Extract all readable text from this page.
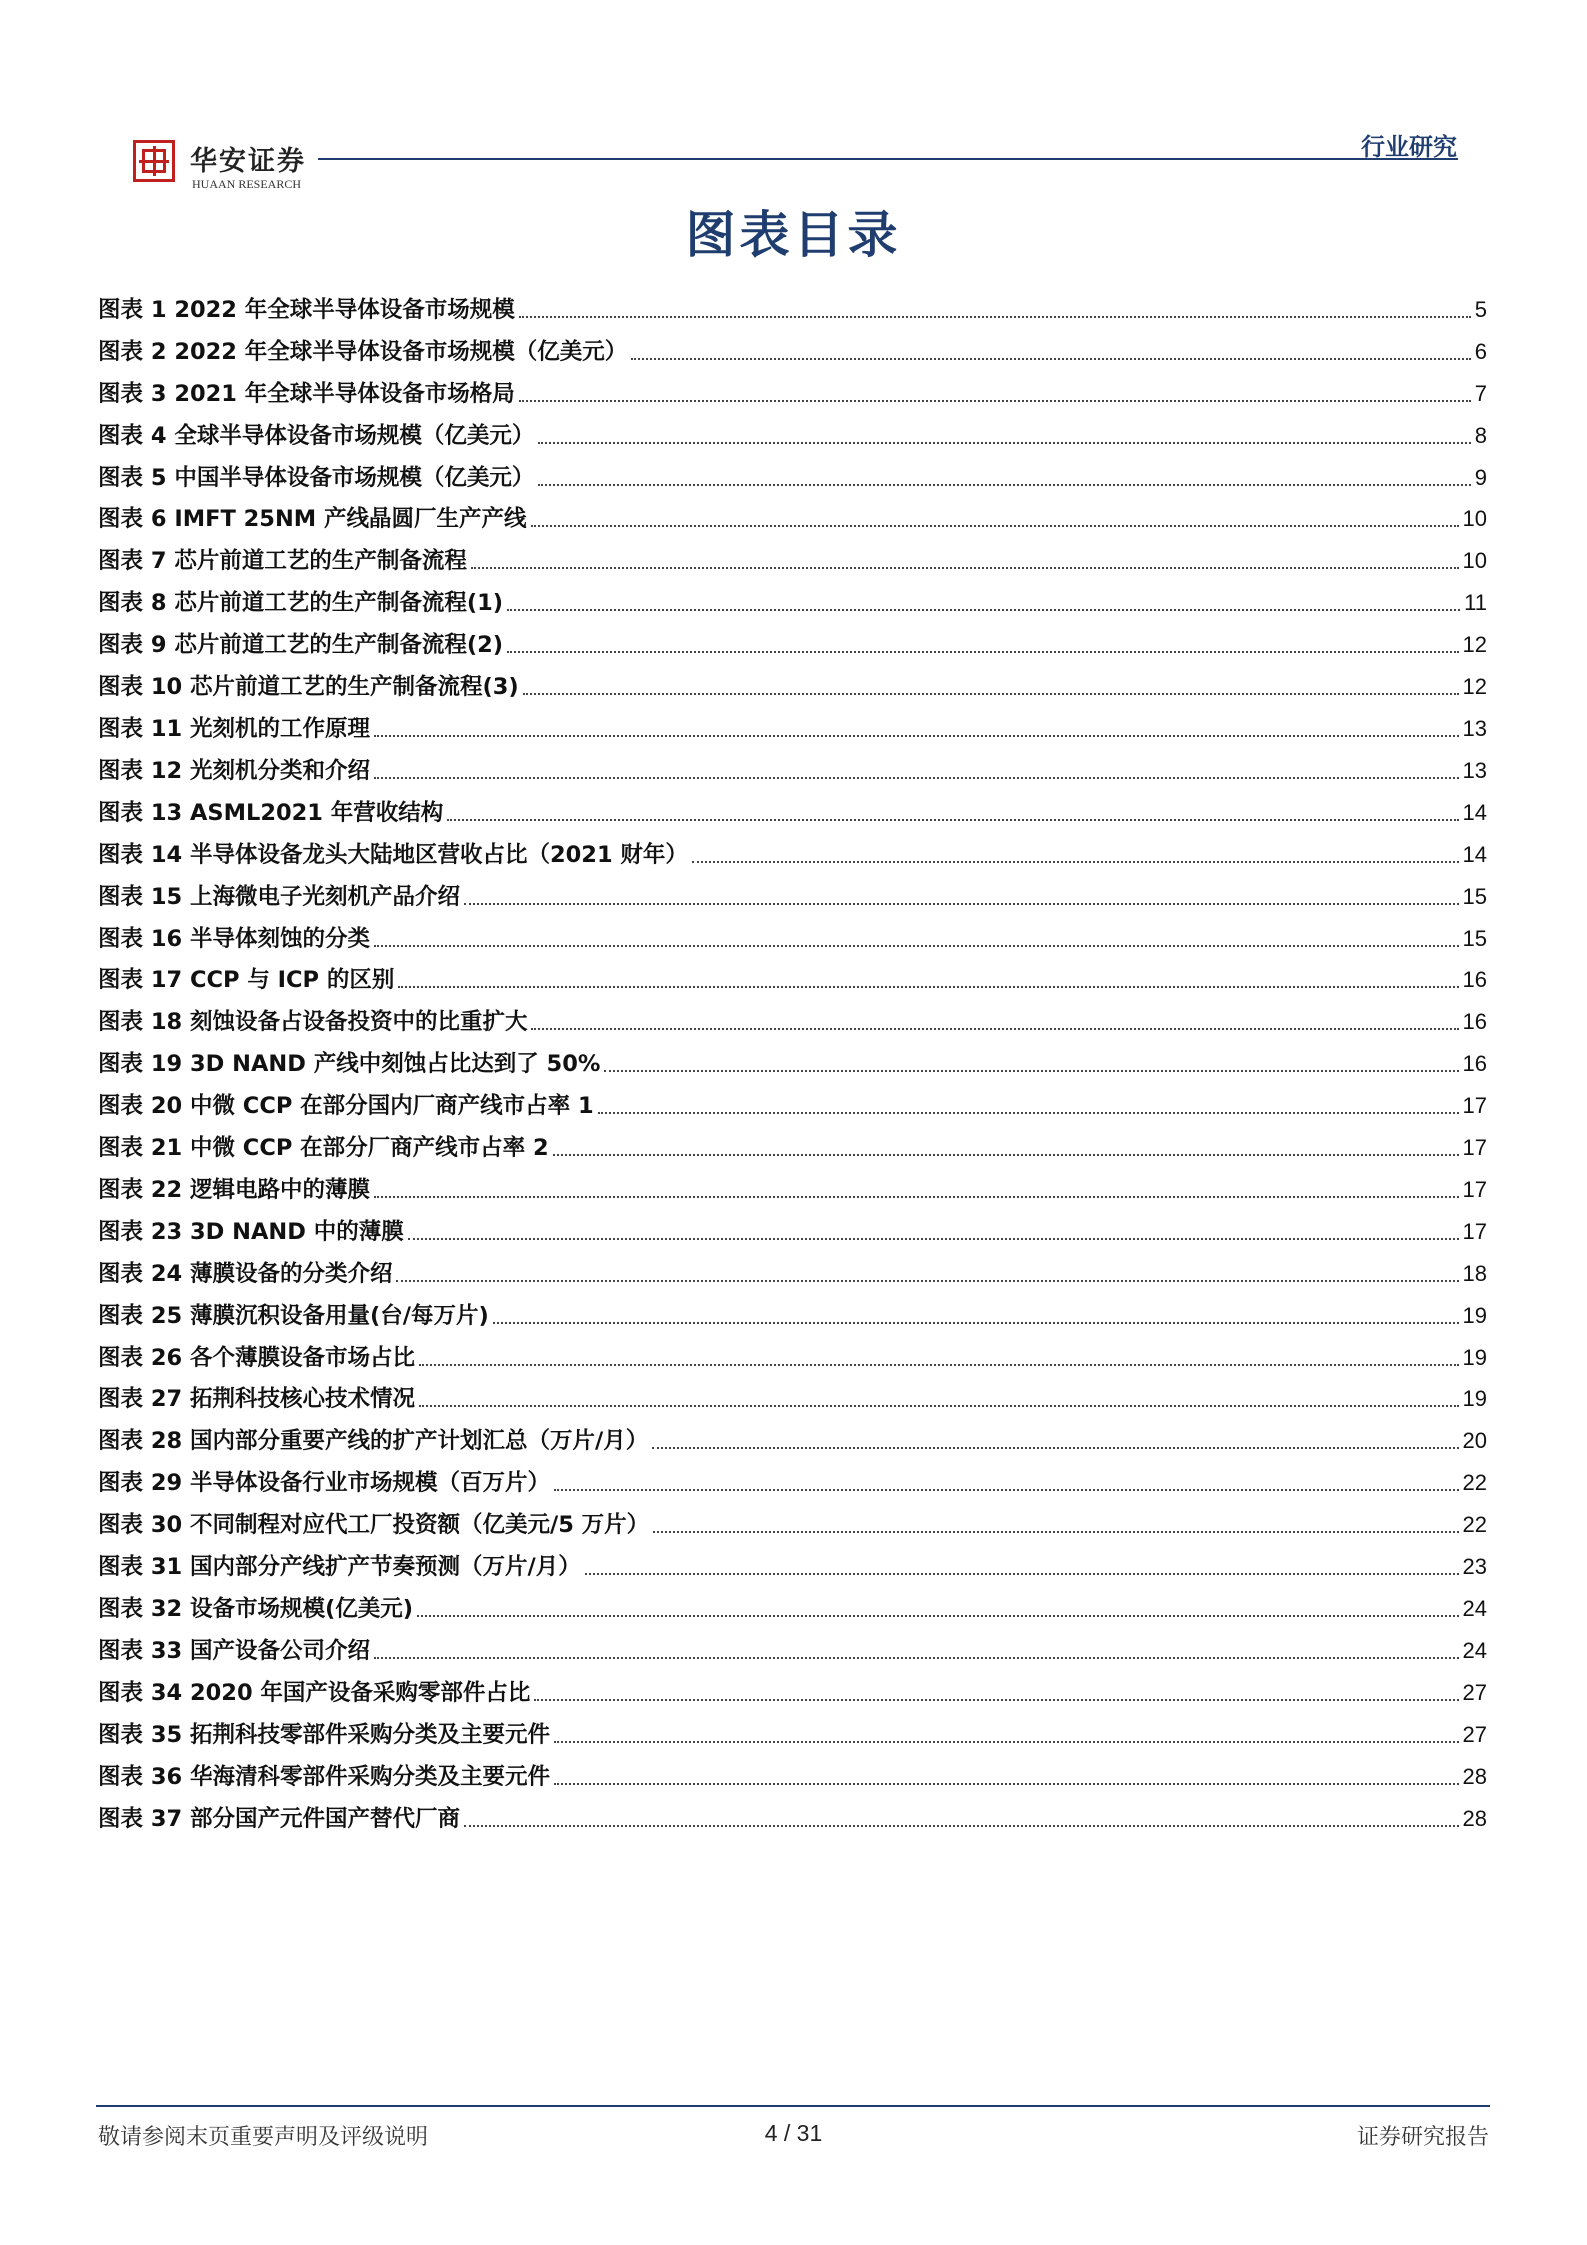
华安证券
HUAAN RESEARCH
行业研究
图表目录
图表 1 2022 年全球半导体设备市场规模	5
图表 2 2022 年全球半导体设备市场规模（亿美元）	6
图表 3 2021 年全球半导体设备市场格局	7
图表 4 全球半导体设备市场规模（亿美元）	8
图表 5 中国半导体设备市场规模（亿美元）	9
图表 6 IMFT 25NM 产线晶圆厂生产产线	10
图表 7 芯片前道工艺的生产制备流程	10
图表 8 芯片前道工艺的生产制备流程(1)	11
图表 9 芯片前道工艺的生产制备流程(2)	12
图表 10 芯片前道工艺的生产制备流程(3)	12
图表 11 光刻机的工作原理	13
图表 12 光刻机分类和介绍	13
图表 13 ASML2021 年营收结构	14
图表 14 半导体设备龙头大陆地区营收占比（2021 财年）	14
图表 15 上海微电子光刻机产品介绍	15
图表 16 半导体刻蚀的分类	15
图表 17 CCP 与 ICP 的区别	16
图表 18 刻蚀设备占设备投资中的比重扩大	16
图表 19 3D NAND 产线中刻蚀占比达到了 50%	16
图表 20 中微 CCP 在部分国内厂商产线市占率 1	17
图表 21 中微 CCP 在部分厂商产线市占率 2	17
图表 22 逻辑电路中的薄膜	17
图表 23 3D NAND 中的薄膜	17
图表 24 薄膜设备的分类介绍	18
图表 25 薄膜沉积设备用量(台/每万片)	19
图表 26 各个薄膜设备市场占比	19
图表 27 拓荆科技核心技术情况	19
图表 28 国内部分重要产线的扩产计划汇总（万片/月）	20
图表 29 半导体设备行业市场规模（百万片）	22
图表 30 不同制程对应代工厂投资额（亿美元/5 万片）	22
图表 31 国内部分产线扩产节奏预测（万片/月）	23
图表 32 设备市场规模(亿美元)	24
图表 33 国产设备公司介绍	24
图表 34 2020 年国产设备采购零部件占比	27
图表 35 拓荆科技零部件采购分类及主要元件	27
图表 36 华海清科零部件采购分类及主要元件	28
图表 37 部分国产元件国产替代厂商	28
敬请参阅末页重要声明及评级说明	4 / 31	证券研究报告
